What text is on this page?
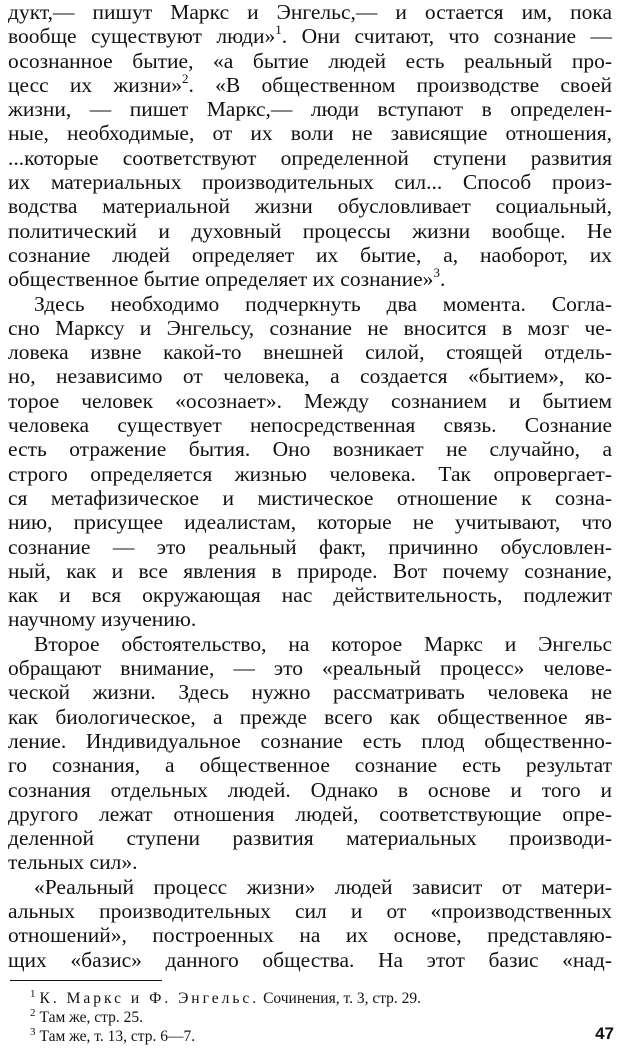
дукт,— пишут Маркс и Энгельс,— и остается им, пока
вообще существуют люди»$^1$. Они считают, что сознание —
осознанное бытие, «а бытие людей есть реальный про-
цесс их жизни»$^2$. «В общественном производстве своей
жизни, — пишет Маркс,— люди вступают в определен-
ные, необходимые, от их воли не зависящие отношения,
...которые соответствуют определенной ступени развития
их материальных производительных сил... Способ произ-
водства материальной жизни обусловливает социальный,
политический и духовный процессы жизни вообще. Не
сознание людей определяет их бытие, а, наоборот, их
общественное бытие определяет их сознание»$^3$.
Здесь необходимо подчеркнуть два момента. Согла-
сно Марксу и Энгельсу, сознание не вносится в мозг че-
ловека извне какой-то внешней силой, стоящей отдель-
но, независимо от человека, а создается «бытием», ко-
торое человек «осознает». Между сознанием и бытием
человека существует непосредственная связь. Сознание
есть отражение бытия. Оно возникает не случайно, а
строго определяется жизнью человека. Так опровергает-
ся метафизическое и мистическое отношение к созна-
нию, присущее идеалистам, которые не учитывают, что
сознание — это реальный факт, причинно обусловлен-
ный, как и все явления в природе. Вот почему сознание,
как и вся окружающая нас действительность, подлежит
научному изучению.
Второе обстоятельство, на которое Маркс и Энгельс
обращают внимание, — это «реальный процесс» челове-
ческой жизни. Здесь нужно рассматривать человека не
как биологическое, а прежде всего как общественное яв-
ление. Индивидуальное сознание есть плод общественно-
го сознания, а общественное сознание есть результат
сознания отдельных людей. Однако в основе и того и
другого лежат отношения людей, соответствующие опре-
деленной ступени развития материальных производи-
тельных сил».
«Реальный процесс жизни» людей зависит от матери-
альных производительных сил и от «производственных
отношений», построенных на их основе, представляю-
щих «базис» данного общества. На этот базис «над-
$^1$ К. Маркс и Ф. Энгельс. Сочинения, т. 3, стр. 29.
$^2$ Там же, стр. 25.
$^3$ Там же, т. 13, стр. 6—7.	47
